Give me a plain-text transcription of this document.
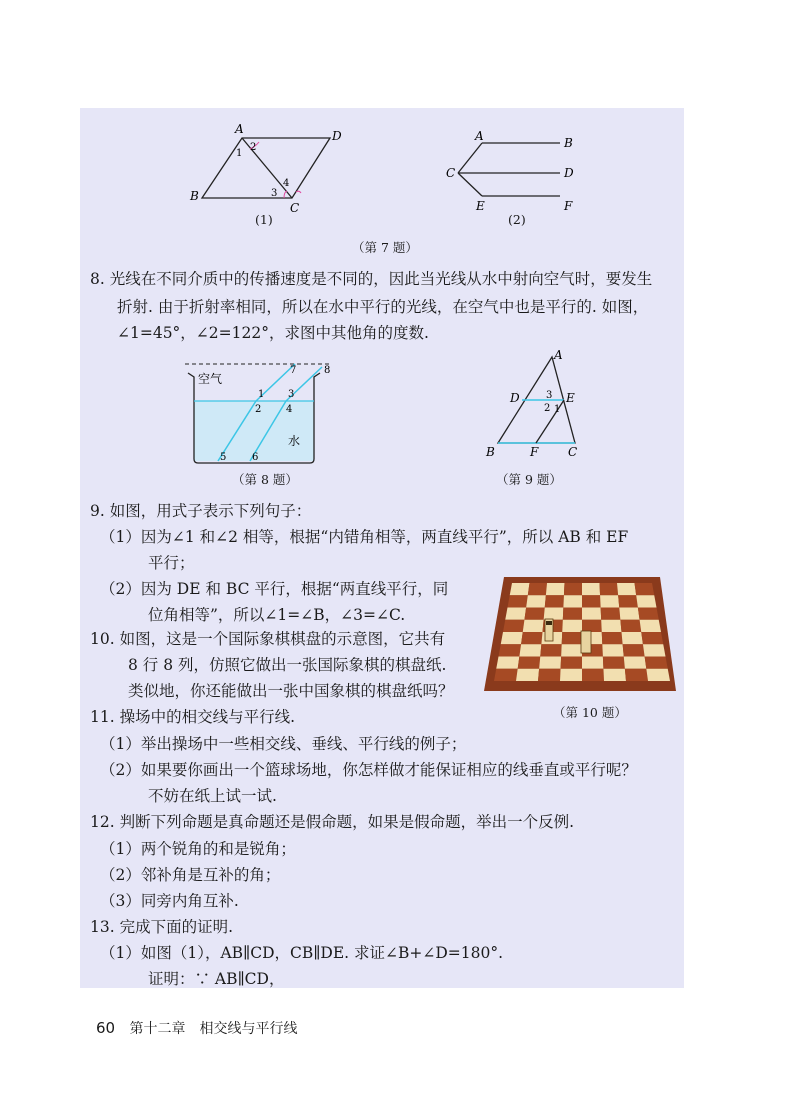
A	D
B
C
1
2
3
4
(1)
A	B
C	D
E	F
(2)
（第 7 题）
8. 光线在不同介质中的传播速度是不同的，因此当光线从水中射向空气时，要发生
折射. 由于折射率相同，所以在水中平行的光线，在空气中也是平行的. 如图，
∠1=45°，∠2=122°，求图中其他角的度数.
空气
水
1
2
3
4
5	6
7	8
（第 8 题）
A
D	E
B	F C
1
2
3
（第 9 题）
9. 如图，用式子表示下列句子：
（1）因为∠1 和∠2 相等，根据“内错角相等，两直线平行”，所以 AB 和 EF
平行；
（2）因为 DE 和 BC 平行，根据“两直线平行，同
位角相等”，所以∠1=∠B，∠3=∠C.
（第 10 题）
10. 如图，这是一个国际象棋棋盘的示意图，它共有
8 行 8 列，仿照它做出一张国际象棋的棋盘纸.
类似地，你还能做出一张中国象棋的棋盘纸吗？
11. 操场中的相交线与平行线.
（1）举出操场中一些相交线、垂线、平行线的例子；
（2）如果要你画出一个篮球场地，你怎样做才能保证相应的线垂直或平行呢？
不妨在纸上试一试.
12. 判断下列命题是真命题还是假命题，如果是假命题，举出一个反例.
（1）两个锐角的和是锐角；
（2）邻补角是互补的角；
（3）同旁内角互补.
13. 完成下面的证明.
（1）如图（1），AB∥CD，CB∥DE. 求证∠B+∠D=180°.
证明：∵ AB∥CD，
60 第十二章　相交线与平行线
